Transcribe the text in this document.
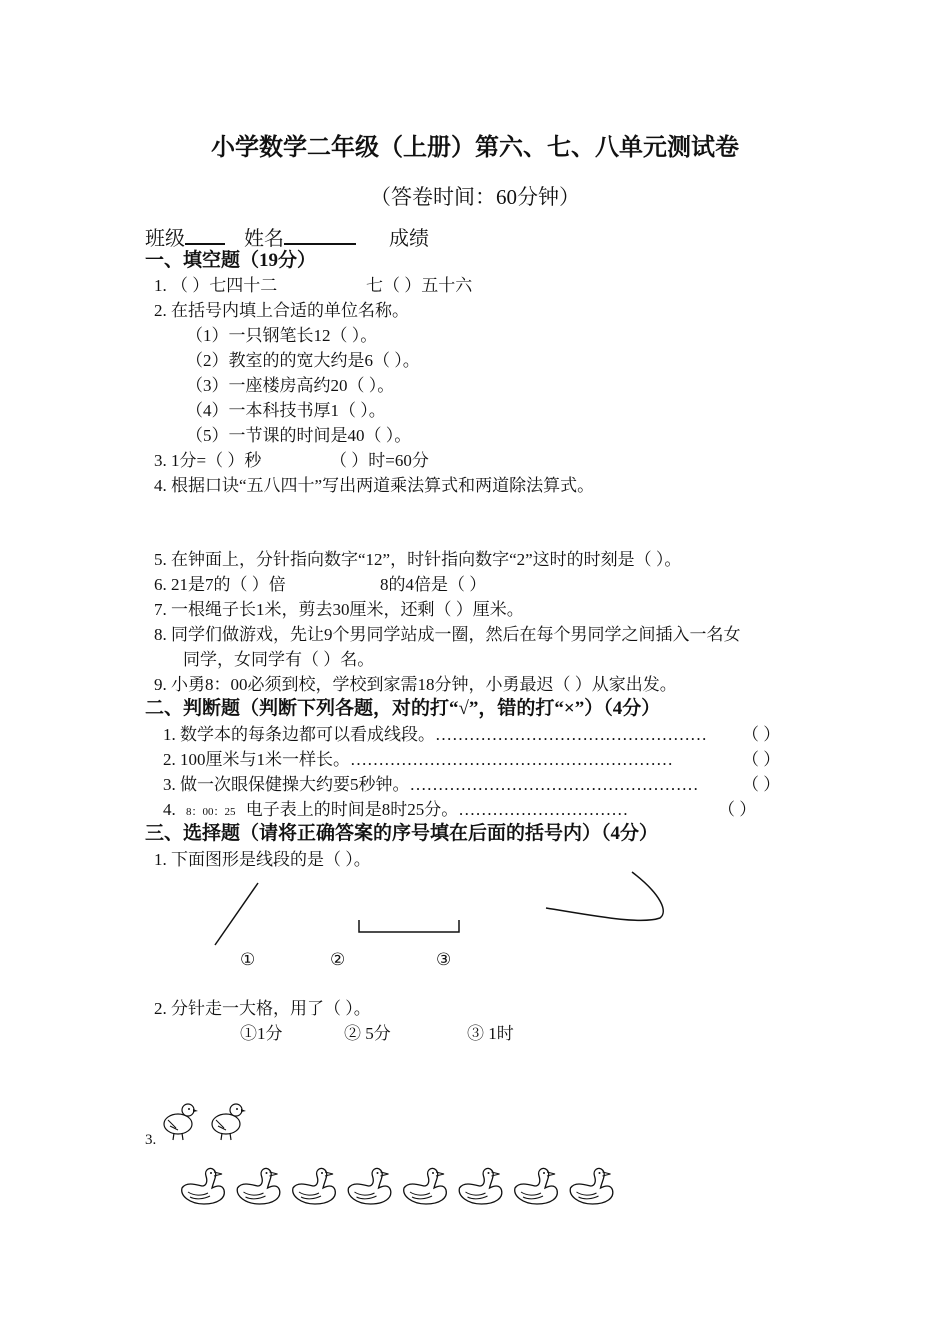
小学数学二年级（上册）第六、七、八单元测试卷
（答卷时间：60分钟）
班级	姓名	成绩
一、填空题（19分）
1. （ ）七四十二	七（ ）五十六
2. 在括号内填上合适的单位名称。
（1）一只钢笔长12（ ）。
（2）教室的的宽大约是6（ ）。
（3）一座楼房高约20（ ）。
（4）一本科技书厚1（ ）。
（5）一节课的时间是40（ ）。
3. 1分=（ ）秒	（ ）时=60分
4. 根据口诀“五八四十”写出两道乘法算式和两道除法算式。
5. 在钟面上，分针指向数字“12”，时针指向数字“2”这时的时刻是（ ）。
6. 21是7的（ ）倍	8的4倍是（ ）
7. 一根绳子长1米，剪去30厘米，还剩（ ）厘米。
8. 同学们做游戏，先让9个男同学站成一圈，然后在每个男同学之间插入一名女
同学，女同学有（ ）名。
9. 小勇8：00必须到校，学校到家需18分钟，小勇最迟（ ）从家出发。
二、判断题（判断下列各题，对的打“√”，错的打“×”）（4分）
1. 数学本的每条边都可以看成线段。………………………………………… （ ）
2. 100厘米与1米一样长。…………………………………………………	（ ）
3. 做一次眼保健操大约要5秒钟。……………………………………………	（ ）
4. 8：00：25 电子表上的时间是8时25分。…………………………	（ ）
三、选择题（请将正确答案的序号填在后面的括号内）（4分）
1. 下面图形是线段的是（ ）。
①	②	③
2. 分针走一大格，用了（ ）。
①1分	② 5分	③ 1时
3.
